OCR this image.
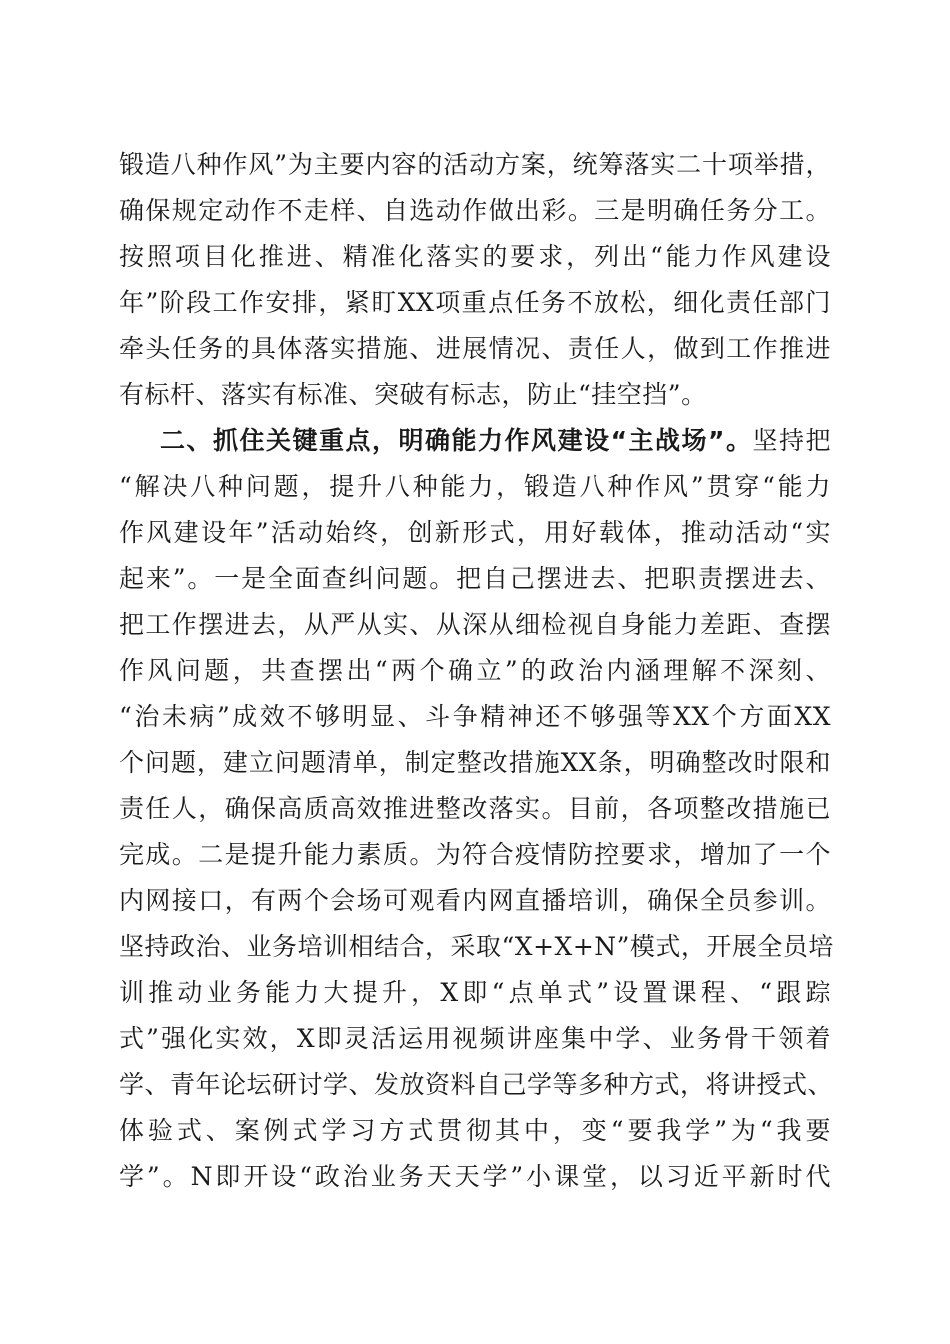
锻造八种作风”为主要内容的活动方案，统筹落实二十项举措，
确保规定动作不走样、自选动作做出彩。三是明确任务分工。
按照项目化推进、精准化落实的要求，列出“能力作风建设
年”阶段工作安排，紧盯XX项重点任务不放松，细化责任部门
牵头任务的具体落实措施、进展情况、责任人，做到工作推进
有标杆、落实有标准、突破有标志，防止“挂空挡”。
二、抓住关键重点，明确能力作风建设“主战场”。坚持把
“解决八种问题，提升八种能力，锻造八种作风”贯穿“能力
作风建设年”活动始终，创新形式，用好载体，推动活动“实
起来”。一是全面查纠问题。把自己摆进去、把职责摆进去、
把工作摆进去，从严从实、从深从细检视自身能力差距、查摆
作风问题，共查摆出“两个确立”的政治内涵理解不深刻、
“治未病”成效不够明显、斗争精神还不够强等XX个方面XX
个问题，建立问题清单，制定整改措施XX条，明确整改时限和
责任人，确保高质高效推进整改落实。目前，各项整改措施已
完成。二是提升能力素质。为符合疫情防控要求，增加了一个
内网接口，有两个会场可观看内网直播培训，确保全员参训。
坚持政治、业务培训相结合，采取“X+X+N”模式，开展全员培
训推动业务能力大提升，X即“点单式”设置课程、“跟踪
式”强化实效，X即灵活运用视频讲座集中学、业务骨干领着
学、青年论坛研讨学、发放资料自己学等多种方式，将讲授式、
体验式、案例式学习方式贯彻其中，变“要我学”为“我要
学”。N即开设“政治业务天天学”小课堂，以习近平新时代
